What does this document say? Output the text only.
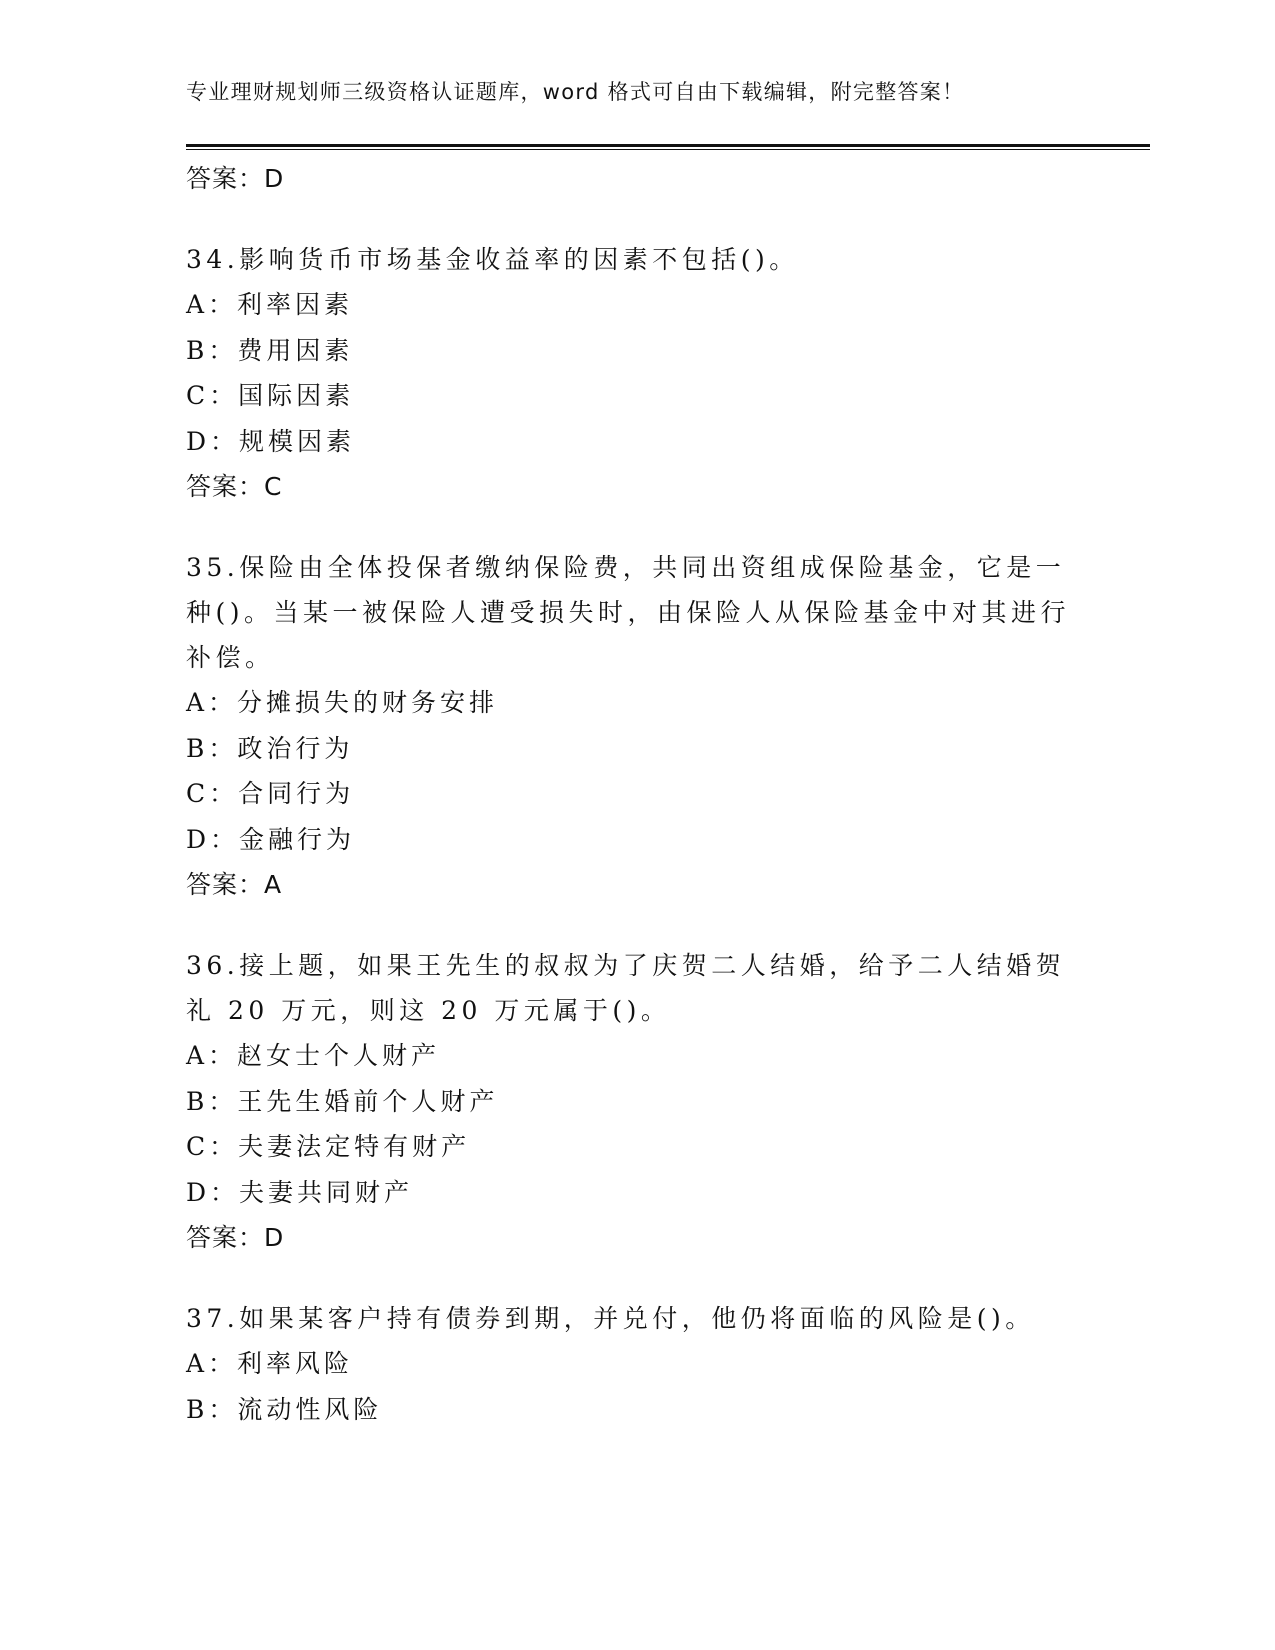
专业理财规划师三级资格认证题库，word 格式可自由下载编辑，附完整答案！
答案：D
34.影响货币市场基金收益率的因素不包括()。
A：利率因素
B：费用因素
C：国际因素
D：规模因素
答案：C
35.保险由全体投保者缴纳保险费，共同出资组成保险基金，它是一种()。当某一被保险人遭受损失时，由保险人从保险基金中对其进行补偿。
A：分摊损失的财务安排
B：政治行为
C：合同行为
D：金融行为
答案：A
36.接上题，如果王先生的叔叔为了庆贺二人结婚，给予二人结婚贺礼 20 万元，则这 20 万元属于()。
A：赵女士个人财产
B：王先生婚前个人财产
C：夫妻法定特有财产
D：夫妻共同财产
答案：D
37.如果某客户持有债券到期，并兑付，他仍将面临的风险是()。
A：利率风险
B：流动性风险
